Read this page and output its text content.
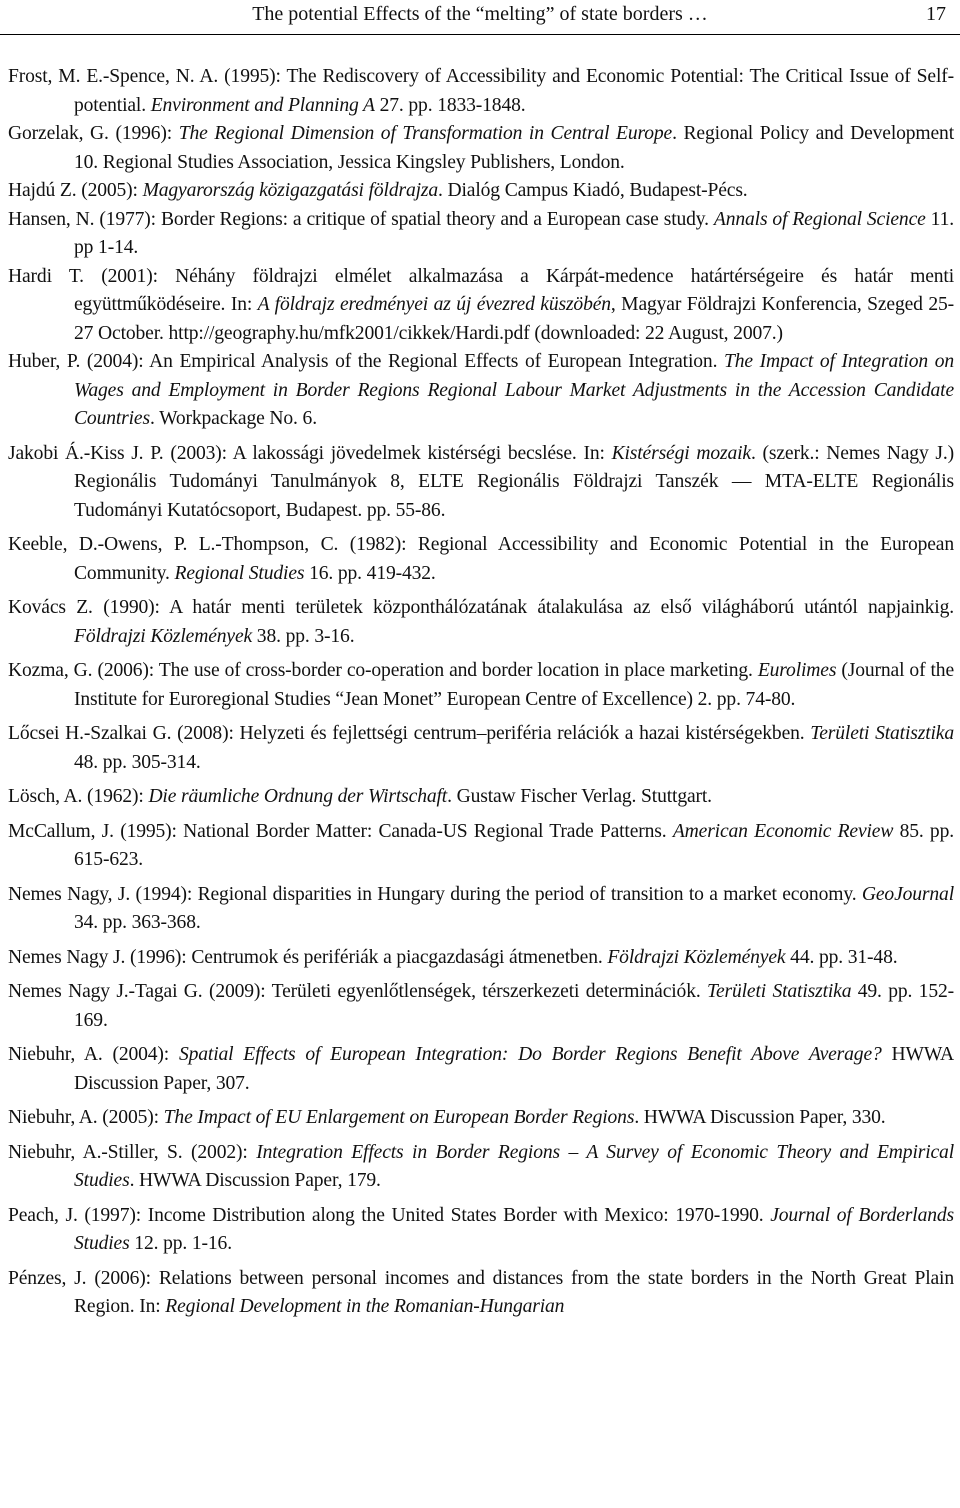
The potential Effects of the “melting” of state borders …	17

Frost, M. E.-Spence, N. A. (1995): The Rediscovery of Accessibility and Economic Potential: The Critical Issue of Self-potential. Environment and Planning A 27. pp. 1833-1848.

Gorzelak, G. (1996): The Regional Dimension of Transformation in Central Europe. Regional Policy and Development 10. Regional Studies Association, Jessica Kingsley Publishers, London.

Hajdú Z. (2005): Magyarország közigazgatási földrajza. Dialóg Campus Kiadó, Budapest-Pécs.

Hansen, N. (1977): Border Regions: a critique of spatial theory and a European case study. Annals of Regional Science 11. pp 1-14.

Hardi T. (2001): Néhány földrajzi elmélet alkalmazása a Kárpát-medence határtérségeire és határ menti együttműködéseire. In: A földrajz eredményei az új évezred küszöbén, Magyar Földrajzi Konferencia, Szeged 25-27 October. http://geography.hu/mfk2001/cikkek/Hardi.pdf (downloaded: 22 August, 2007.)

Huber, P. (2004): An Empirical Analysis of the Regional Effects of European Integration. The Impact of Integration on Wages and Employment in Border Regions Regional Labour Market Adjustments in the Accession Candidate Countries. Workpackage No. 6.

Jakobi Á.-Kiss J. P. (2003): A lakossági jövedelmek kistérségi becslése. In: Kistérségi mozaik. (szerk.: Nemes Nagy J.) Regionális Tudományi Tanulmányok 8, ELTE Regionális Földrajzi Tanszék — MTA-ELTE Regionális Tudományi Kutatócsoport, Budapest. pp. 55-86.

Keeble, D.-Owens, P. L.-Thompson, C. (1982): Regional Accessibility and Economic Potential in the European Community. Regional Studies 16. pp. 419-432.

Kovács Z. (1990): A határ menti területek központhálózatának átalakulása az első világháború utántól napjainkig. Földrajzi Közlemények 38. pp. 3-16.

Kozma, G. (2006): The use of cross-border co-operation and border location in place marketing. Eurolimes (Journal of the Institute for Euroregional Studies “Jean Monet” European Centre of Excellence) 2. pp. 74-80.

Lőcsei H.-Szalkai G. (2008): Helyzeti és fejlettségi centrum–periféria relációk a hazai kistérségekben. Területi Statisztika 48. pp. 305-314.

Lösch, A. (1962): Die räumliche Ordnung der Wirtschaft. Gustaw Fischer Verlag. Stuttgart.

McCallum, J. (1995): National Border Matter: Canada-US Regional Trade Patterns. American Economic Review 85. pp. 615-623.

Nemes Nagy, J. (1994): Regional disparities in Hungary during the period of transition to a market economy. GeoJournal 34. pp. 363-368.

Nemes Nagy J. (1996): Centrumok és perifériák a piacgazdasági átmenetben. Földrajzi Közlemények 44. pp. 31-48.

Nemes Nagy J.-Tagai G. (2009): Területi egyenlőtlenségek, térszerkezeti determinációk. Területi Statisztika 49. pp. 152-169.

Niebuhr, A. (2004): Spatial Effects of European Integration: Do Border Regions Benefit Above Average? HWWA Discussion Paper, 307.

Niebuhr, A. (2005): The Impact of EU Enlargement on European Border Regions. HWWA Discussion Paper, 330.

Niebuhr, A.-Stiller, S. (2002): Integration Effects in Border Regions – A Survey of Economic Theory and Empirical Studies. HWWA Discussion Paper, 179.

Peach, J. (1997): Income Distribution along the United States Border with Mexico: 1970-1990. Journal of Borderlands Studies 12. pp. 1-16.

Pénzes, J. (2006): Relations between personal incomes and distances from the state borders in the North Great Plain Region. In: Regional Development in the Romanian-Hungarian
